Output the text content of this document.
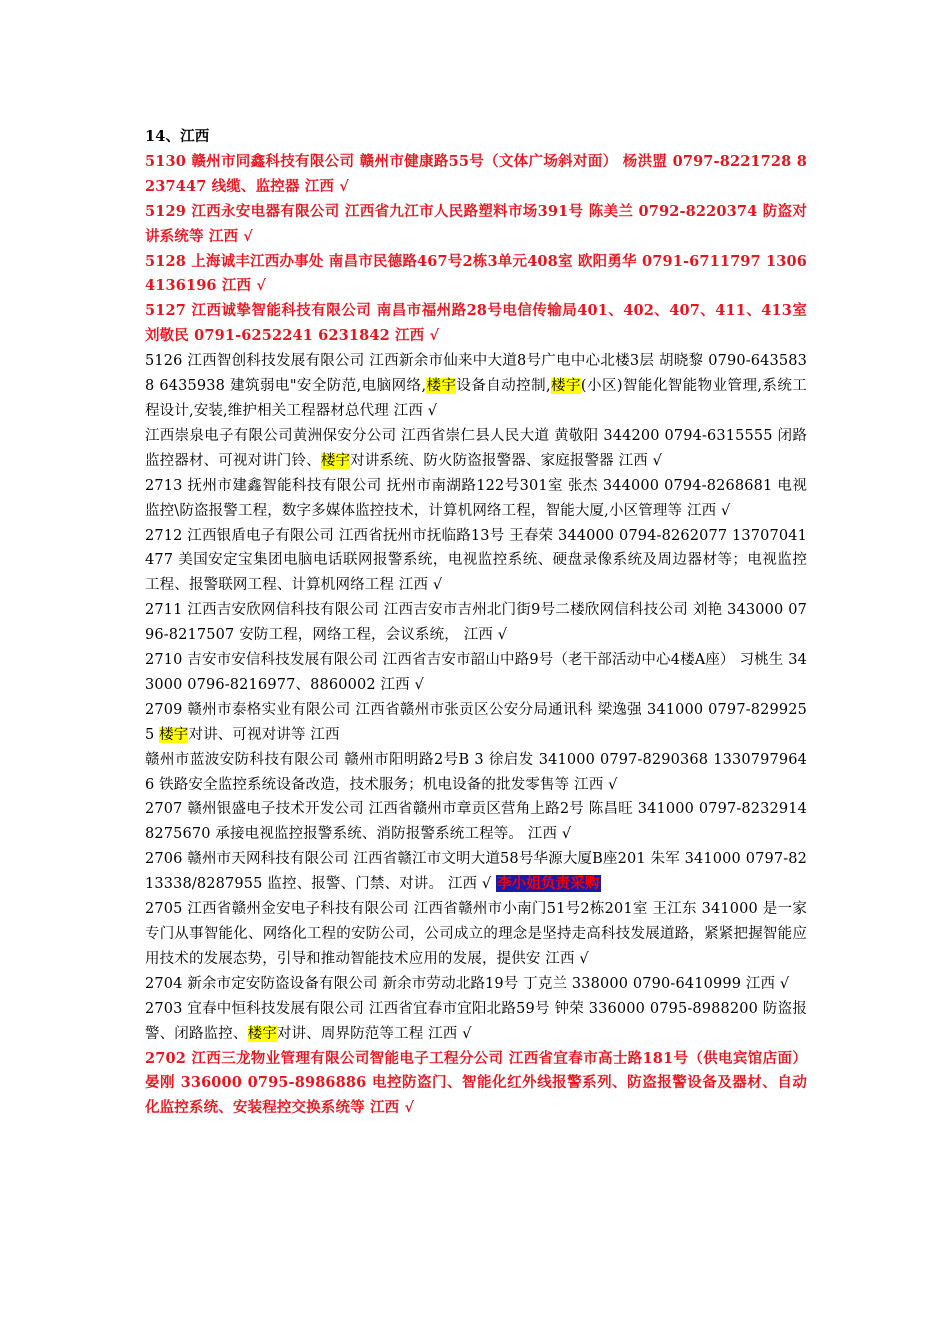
14、江西
5130 赣州市同鑫科技有限公司 赣州市健康路55号（文体广场斜对面） 杨洪盟 0797-8221728 8237447 线缆、监控器 江西 √
5129 江西永安电器有限公司 江西省九江市人民路塑料市场391号 陈美兰 0792-8220374 防盗对讲系统等 江西 √
5128 上海诚丰江西办事处 南昌市民德路467号2栋3单元408室 欧阳勇华 0791-6711797 13064136196 江西 √
5127 江西诚挚智能科技有限公司 南昌市福州路28号电信传输局401、402、407、411、413室 刘敬民 0791-6252241 6231842 江西 √
5126 江西智创科技发展有限公司 江西新余市仙来中大道8号广电中心北楼3层 胡晓黎 0790-6435838 6435938 建筑弱电"安全防范,电脑网络,楼宇设备自动控制,楼宇(小区)智能化智能物业管理,系统工程设计,安装,维护相关工程器材总代理 江西 √
江西崇泉电子有限公司黄洲保安分公司 江西省崇仁县人民大道 黄敬阳 344200 0794-6315555 闭路监控器材、可视对讲门铃、楼宇对讲系统、防火防盗报警器、家庭报警器 江西 √
2713 抚州市建鑫智能科技有限公司 抚州市南湖路122号301室 张杰 344000 0794-8268681 电视监控\防盗报警工程，数字多媒体监控技术，计算机网络工程，智能大厦,小区管理等 江西 √
2712 江西银盾电子有限公司 江西省抚州市抚临路13号 王春荣 344000 0794-8262077 13707041477 美国安定宝集团电脑电话联网报警系统，电视监控系统、硬盘录像系统及周边器材等；电视监控工程、报警联网工程、计算机网络工程 江西 √
2711 江西吉安欣网信科技有限公司 江西吉安市吉州北门街9号二楼欣网信科技公司 刘艳 343000 0796-8217507 安防工程，网络工程，会议系统， 江西 √
2710 吉安市安信科技发展有限公司 江西省吉安市韶山中路9号（老干部活动中心4楼A座） 习桃生 343000 0796-8216977、8860002 江西 √
2709 赣州市泰格实业有限公司 江西省赣州市张贡区公安分局通讯科 梁逸强 341000 0797-8299255 楼宇对讲、可视对讲等 江西
赣州市蓝波安防科技有限公司 赣州市阳明路2号B 3 徐启发 341000 0797-8290368 13307979646 铁路安全监控系统设备改造，技术服务；机电设备的批发零售等 江西 √
2707 赣州银盛电子技术开发公司 江西省赣州市章贡区营角上路2号 陈昌旺 341000 0797-8232914 8275670 承接电视监控报警系统、消防报警系统工程等。 江西 √
2706 赣州市天网科技有限公司 江西省赣江市文明大道58号华源大厦B座201 朱军 341000 0797-8213338/8287955 监控、报警、门禁、对讲。 江西 √ 李小姐负责采购
2705 江西省赣州金安电子科技有限公司 江西省赣州市小南门51号2栋201室 王江东 341000 是一家专门从事智能化、网络化工程的安防公司，公司成立的理念是坚持走高科技发展道路，紧紧把握智能应用技术的发展态势，引导和推动智能技术应用的发展，提供安 江西 √
2704 新余市定安防盗设备有限公司 新余市劳动北路19号 丁克兰 338000 0790-6410999 江西 √
2703 宜春中恒科技发展有限公司 江西省宜春市宜阳北路59号 钟荣 336000 0795-8988200 防盗报警、闭路监控、楼宇对讲、周界防范等工程 江西 √
2702 江西三龙物业管理有限公司智能电子工程分公司 江西省宜春市高士路181号（供电宾馆店面） 晏刚 336000 0795-8986886 电控防盗门、智能化红外线报警系列、防盗报警设备及器材、自动化监控系统、安装程控交换系统等 江西 √
